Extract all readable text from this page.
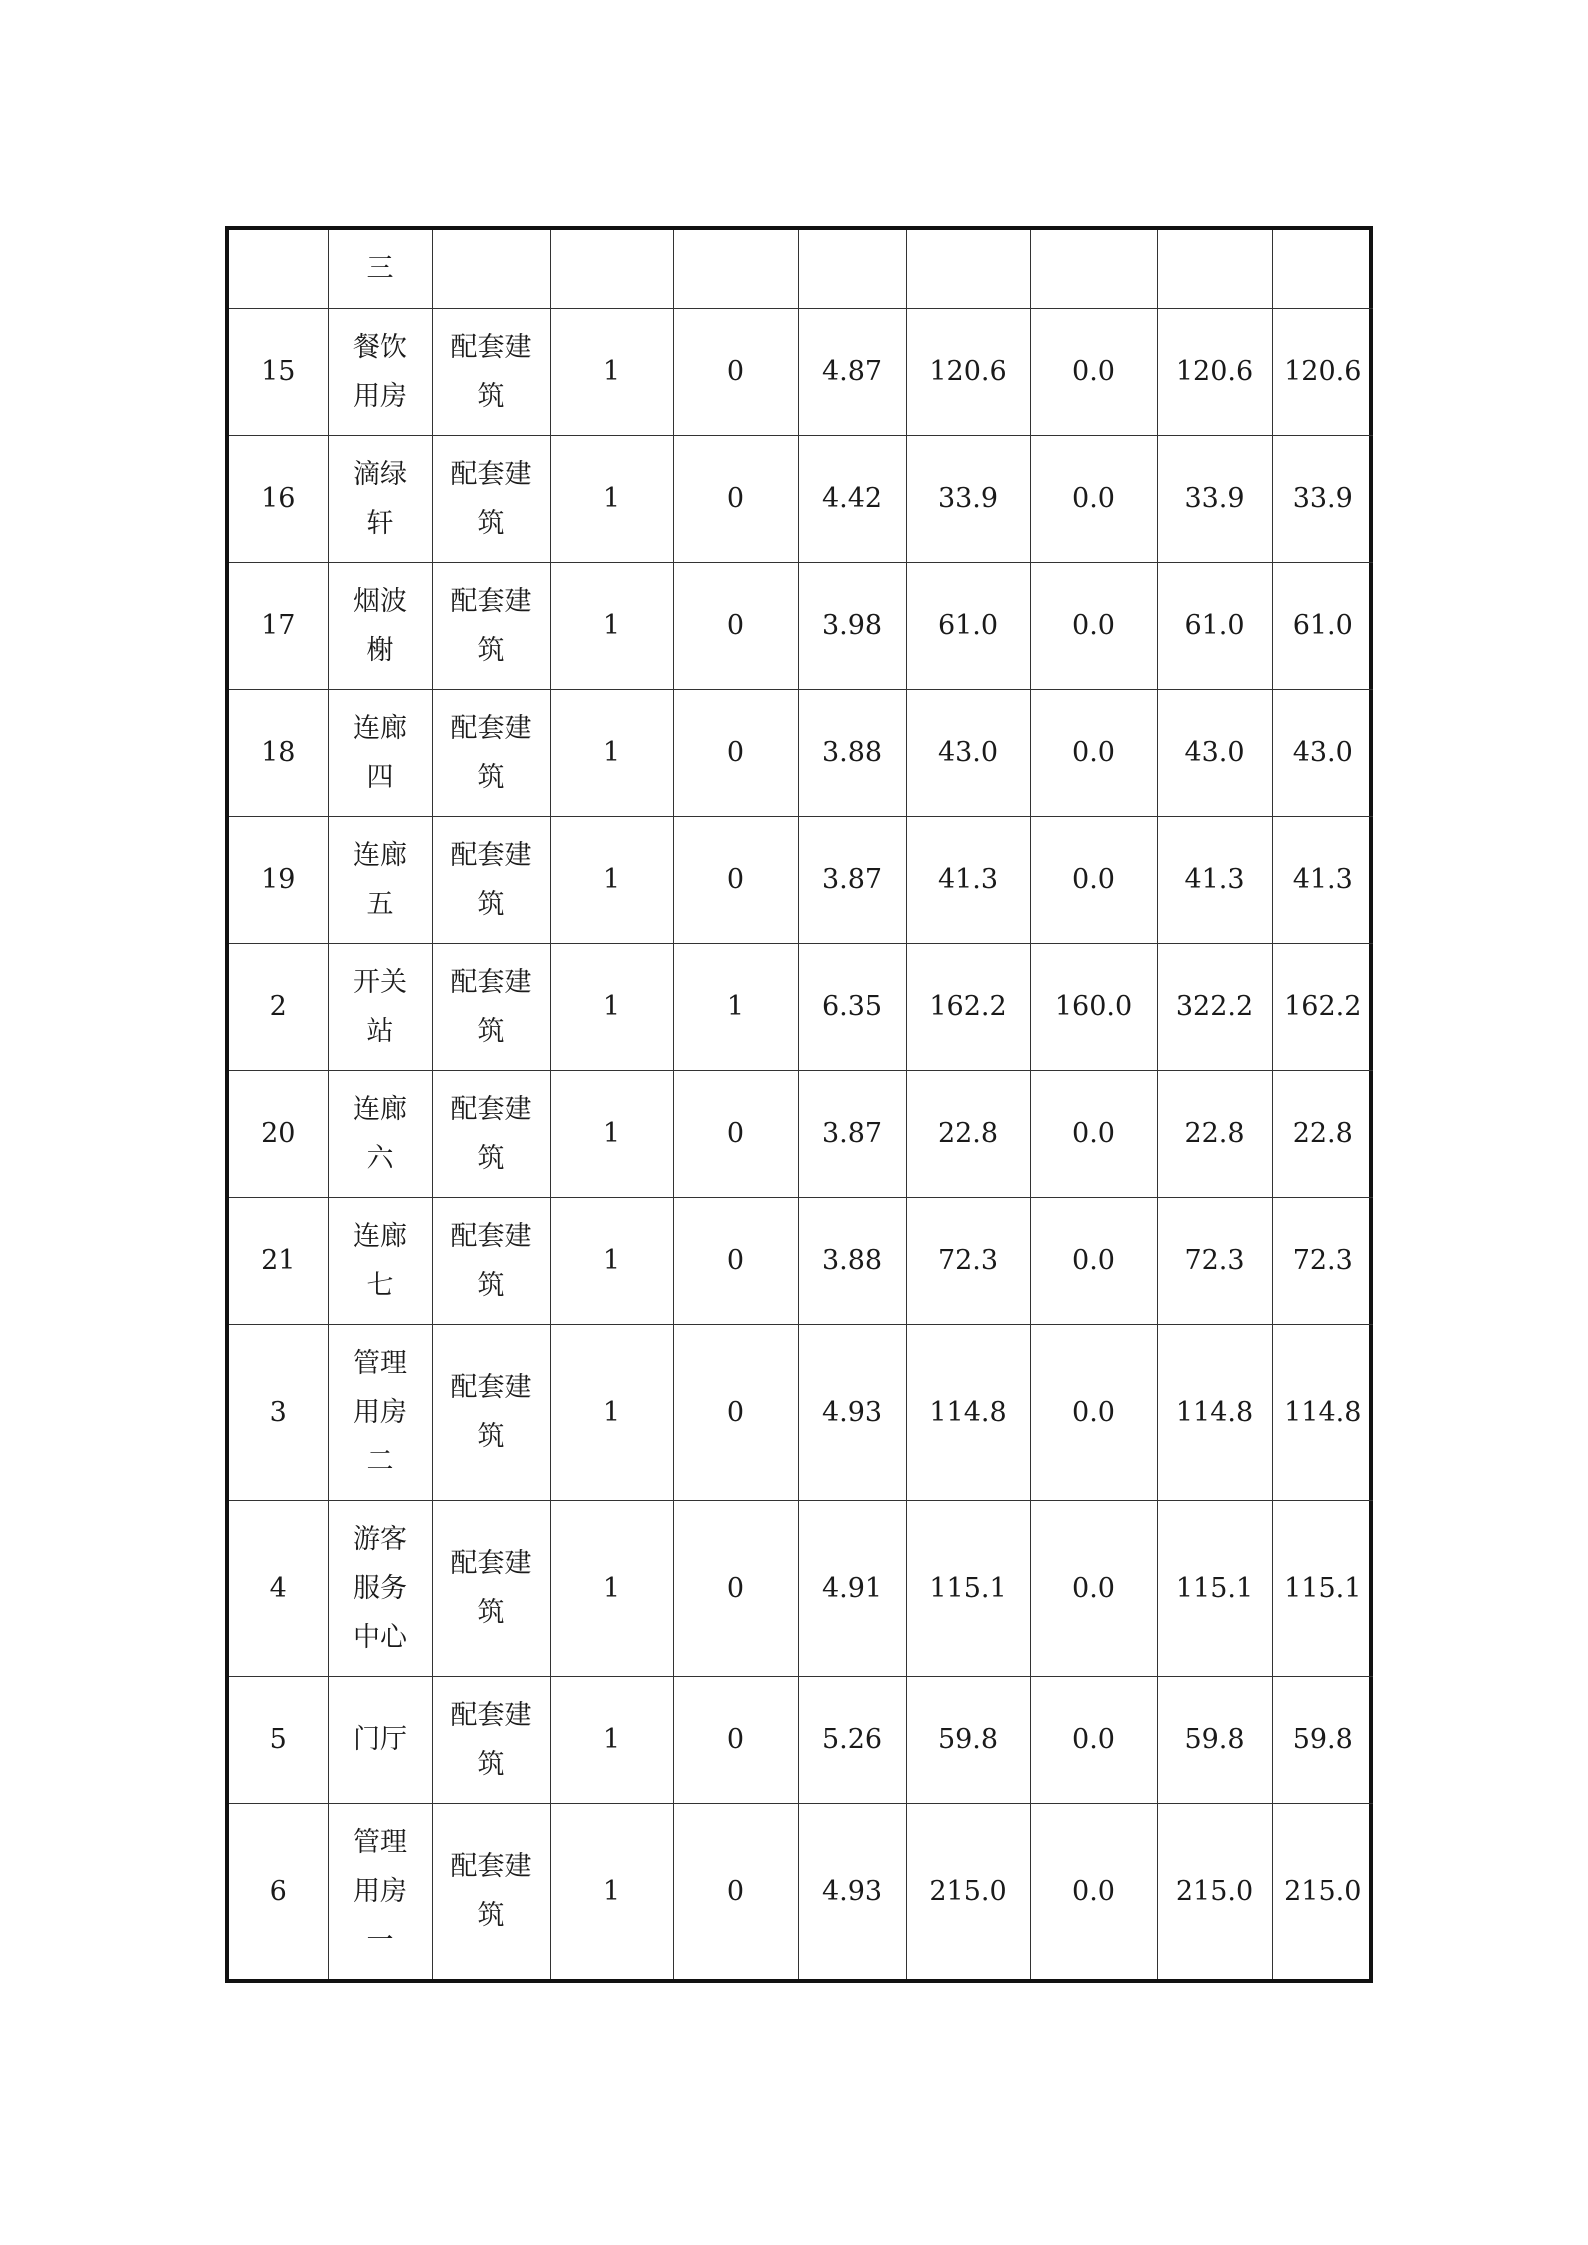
	三								

15	餐饮用房	配套建筑	1	0	4.87	120.6	0.0	120.6	120.6
16	滴绿轩	配套建筑	1	0	4.42	33.9	0.0	33.9	33.9
17	烟波榭	配套建筑	1	0	3.98	61.0	0.0	61.0	61.0
18	连廊四	配套建筑	1	0	3.88	43.0	0.0	43.0	43.0
19	连廊五	配套建筑	1	0	3.87	41.3	0.0	41.3	41.3
2	开关站	配套建筑	1	1	6.35	162.2	160.0	322.2	162.2
20	连廊六	配套建筑	1	0	3.87	22.8	0.0	22.8	22.8
21	连廊七	配套建筑	1	0	3.88	72.3	0.0	72.3	72.3
3	管理用房二	配套建筑	1	0	4.93	114.8	0.0	114.8	114.8
4	游客服务中心	配套建筑	1	0	4.91	115.1	0.0	115.1	115.1
5	门厅	配套建筑	1	0	5.26	59.8	0.0	59.8	59.8
6	管理用房一	配套建筑	1	0	4.93	215.0	0.0	215.0	215.0
